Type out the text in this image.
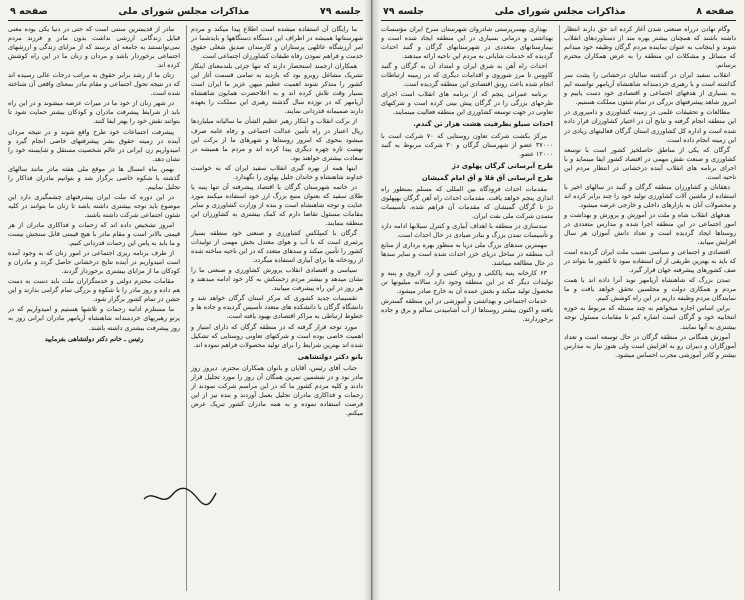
جلسه ۷۹
مذاکرات مجلس شورای ملی
صفحه ۹

ما رایگان آن استفاده میشده است اطلاع پیدا میکند و مردم شهرستانها همیشه در اطراف این دستگاه دستگاهها و بایدشما در امر آرزشگاه عائلهی پرستاران و کارمندان صدیق شغلی حقوق خدمت و فراهم نمودن رفاه طبقات کشاورزان اجتماعی است.

همکاران ارجمند استحضار دارند که تنها جزئی بلندمعنای اینکار تشریک مشاغل روبرو بود که بازدید به تمامی قسمت آثار این کشور را متذکر شوند اهمیت عظیم میهن عزیز ما ایران است بسیار وقت تلاش کرده اند و به اعلاحضرت همایون شاهنشاه آریامهر که در نوزده سال گذشته رهبری این مملکت را بعهده دارند صمیمانه قدردانی نمایند.

از برکت انقلاب و ابتکار رهبر عظیم الشأن ما سالیانه میلیاردها ریال اعتبار در راه تأمین عدالت اجتماعی و رفاه عامه صرف میشود بنحوی که امروز روستاها و شهرهای ما از برکت این نهضت تازه چهره دیگری پیدا کرده اند و مردم ما همیشه در سعادت بیشتری خواهند بود.

اینها همه از بهره گیری انقلاب سفید ایران که به خواست خداوند شاهنشاه و خاندان جلیل پهلوی را نگهدارد.

در خاتمه شهرستان گرگان با اقتصاد پیشرفته آن تنها پنبه یا طلای سفید که بعنوان منبع بزرگ ارز خود استفاده میکنند مورد عنایت و توجه شاهنشاه است و بنده از وزارت کشاورزی و سایر مقامات مسئول تقاضا دارم که کمک بیشتری به کشاورزان این منطقه بنمایند.

گرگان با کمپلکس کشاورزی و صنعتی خود منطقه بسیار پرثمری است که با آب و هوای معتدل بخش مهمی از تولیدات کشور را تأمین میکند و سدهای متعدد که در این ناحیه ساخته شده از رودخانه ها برای آبیاری استفاده میگردد.

سیاسی و اقتصادی انقلاب پرورش کشاورزی و صنعتی ما را نشان میدهد و بیشتر مردم زحمتکش به کار خود ادامه میدهند و هر روز در این راه پیشرفت مییابند.

تقسیمات جدید کشوری که مرکز استان گرگان خواهد شد و دانشگاه گرگان با دانشکده های متعدد تأسیس گردیده و جاده ها و خطوط ارتباطی به مراکز اقتصادی بهبود یافته است.

مورد توجه قرار گرفته که در منطقه گرگان که دارای امتیاز و اهمیت خاصی بوده است و شرکتهای تعاونی روستایی که تشکیل شده اند بهترین شرایط را برای تولید محصولات فراهم نموده اند.

بانو دکتر دولتشاهی

جناب آقای رئیس، آقایان و بانوان همکاران محترم. دیروز روز مادر بود و در ششمین تمرین همگان آن روز را مورد تجلیل قرار دادند و کلیه مردم کشور ما که در این مراسم شرکت نمودند از زحمات و فداکاری مادران تجلیل بعمل آوردند و بنده نیز از این فرصت استفاده نموده و به همه مادران کشور تبریک عرض میکنم.

مادر از قدیمترین سنتی است که حتی در دنیا یکی بوده معنی قبایل زندگانی ارزشی نداشت بدون مادر و فرزند مردم نمی‌توانستند به جامعه ای برسند که از مزایای زندگی و ارزشهای اجتماعی برخوردار باشد و مردان و زنان ما در این راه کوشش کرده اند.

زنان ما از رشد برابر حقوق به مراتب درجات عالی رسیده اند که در نتیجه تحول اجتماعی و مقام مادر بمعنای واقعی آن شناخته شده است.

در شهر زنان از خود ما در میراث عرضه میشوند و در این راه باید از شرایط پیشرفت مادران و کودکان بیشتر حمایت شود تا بتوانند نقش خود را بهتر ایفا کنند.

پیشرفت اجتماعات خود طرح واقع شوند و در نتیجه مردان آینده در زمینه حقوق بشر پیشرفتهای خاصی انجام گیرد و امیدواریم زن ایرانی در عالم شخصیت مستقل و شایسته خود را نشان دهد.

بهمن ماه امسال ها در موقع ملی هفته مادر مانند سالهای گذشته با شکوه خاصی برگزار شد و بتوانیم مادران فداکار را تجلیل نماییم.

در این دوره که ملت ایران پیشرفتهای چشمگیری دارد این موضوع باید توجه بیشتری داشته باشد تا زنان ما بتوانند در کلیه شئون اجتماعی شرکت داشته باشند.

امروز تشخیص داده اند که زحمات و فداکاری مادران از هر قیمتی بالاتر است و مقام مادر با هیچ قیمتی قابل سنجش نیست و ما باید به پاس این زحمات قدردانی کنیم.

از طرف برنامه ریزی اجتماعی در امور زنان که به وجود آمده است امیدواریم در آینده نتایج درخشانی حاصل گردد و مادران و کودکان ما از مزایای بیشتری برخوردار گردند.

مقامات محترم دولتی و خدمتگزاران ملت باید دست به دست هم داده و روز مادر را با شکوه و بزرگی تمام گرامی بدارند و این جشن در تمام کشور برگزار شود.

ما مستلزم ادامه زحمات و تلاشها هستیم و امیدواریم که در پرتو رهبریهای خردمندانه شاهنشاه آریامهر مادران ایرانی روز به روز پیشرفت بیشتری داشته باشند.

رئیس ـ خانم دکتر دولتشاهی بفرمایید
صفحه ۸
مذاکرات مجلس شورای ملی
جلسه ۷۹

وگام نهادن درراه صنعتی شدن آغاز کرده اند حق دارند انتظار داشته باشند که همچنان بیشتر بهره مند از دستاوردهای انقلاب شوند و اینجانب به عنوان نماینده مردم گرگان وظیفه خود میدانم که مسائل و مشکلات این منطقه را به عرض همکاران محترم برسانم.

انقلاب سفید ایران در گذشته سالیان درخشانی را پشت سر گذاشته است و با رهبری خردمندانه شاهنشاه آریامهر توانسته ایم به بسیاری از هدفهای اجتماعی و اقتصادی خود دست یابیم و امروز شاهد پیشرفتهای بزرگی در تمام شئون مملکت هستیم.

مطالعات و تحقیقات علمی در زمینه کشاورزی و دامپروری در این منطقه انجام گرفته و نتایج آن در اختیار کشاورزان قرار داده شده است و اداره کل کشاورزی استان گرگان فعالیتهای زیادی در این زمینه انجام داده است.

گرگان که یکی از مناطق حاصلخیز کشور است با توسعه کشاورزی و صنعت نقش مهمی در اقتصاد کشور ایفا مینماید و با اجرای برنامه های انقلاب آینده درخشانی در انتظار مردم این ناحیه است.

دهقانان و کشاورزان منطقه گرگان و گنبد در سالهای اخیر با استفاده از ماشین آلات کشاورزی تولید خود را چند برابر کرده اند و محصولات آنان به بازارهای داخلی و خارجی عرضه میشود.

هدفهای انقلاب شاه و ملت در آموزش و پرورش و بهداشت و امور اجتماعی در این منطقه اجرا شده و مدارس متعددی در روستاها ایجاد گردیده است و تعداد دانش آموزان هر سال افزایش مییابد.

اقتصادی و اجتماعی و سیاسی نصیب ملت ایران گردیده است که باید به بهترین طریقی از آن استفاده نمود تا کشور ما بتواند در صف کشورهای پیشرفته جهان قرار گیرد.

تمدن بزرگ که شاهنشاه آریامهر نوید آنرا داده اند با همت مردم و همکاری دولت و مجلسین تحقق خواهد یافت و ما نمایندگان مردم وظیفه داریم در این راه کوشش کنیم.

براین اساس اجازه میخواهم به چند مسئله که مربوط به حوزه انتخابیه خود و گرگان است اشاره کنم تا مقامات مسئول توجه بیشتری به آنها نمایند.

آموزش همگانی در منطقه گرگان در حال توسعه است و تعداد آموزگاران و دبیران رو به افزایش است ولی هنوز نیاز به مدارس بیشتر و کادر آموزشی مجرب احساس میشود.

بهداری بهسرپرستی شادروان شهرستان سرخ ایران مؤسسات بهداشتی و درمانی بسیاری در این منطقه ایجاد شده است و بیمارستانهای متعددی در شهرستانهای گرگان و گنبد احداث گردیده که خدمات شایانی به مردم این ناحیه ارائه میدهند.

احداث راه آهن به شرق ایران و امتداد آن به گرگان و گنبد کاووس تا مرز شوروی و اقدامات دیگری که در زمینه ارتباطات انجام شده باعث رونق اقتصادی این منطقه گردیده است.

برنامه عمرانی پنجم که از برنامه های انقلاب است اجرای طرحهای بزرگی را در گرگان پیش بینی کرده است و شرکتهای تعاونی در جهت توسعه کشاورزی این منطقه فعالیت مینمایند.

احداث سیلو بظرفیت هشت هزار تن گندم.

مرکز بکشت شرکت تعاون روستایی که ۷۰ شرکت است با ۳۷۰۰۰ عضو از شهرستان گرگان و ۳۰ شرکت مربوط به گنبد ۱۲۰۰۰ عضو.

طرح آبرسانی گرگان پهلوی دژ
طرح آبرسانی آق قلا و آق امام گمیشان

مقدمات احداث فرودگاه بین المللی که مسلم بمنظور راه اندازی پنجم خواهد یافت. مقدمات احداث راه آهن گرگان بهپهلوی دژ تا گرگان گمیشان که مقدمات آن فراهم شده، تأسیسات متمدن شرکت ملی نفت ایران.

سدسازی در منطقه با اهداف آبیاری و کنترل سیلابها ادامه دارد و تأسیسات تمدن بزرگ و بنادر صیادی در حال احداث است.

مهمترین سدهای بزرگ ملی دریا به منظور بهره برداری از منابع آب منطقه در ساحل دریای خزر احداث شده است و سایر سدها در حال مطالعه میباشد.

۶۳ کارخانه پنبه پاککنی و روغن کشی و آرد، لاروی و پنبه و تولیدات دیگر که در این منطقه وجود دارد سالانه میلیونها تن محصول تولید میکند و بخش عمده آن به خارج صادر میشود.

خدمات اجتماعی و بهداشتی و آموزشی در این منطقه گسترش یافته و اکنون بیشتر روستاها از آب آشامیدنی سالم و برق و جاده برخوردارند.
